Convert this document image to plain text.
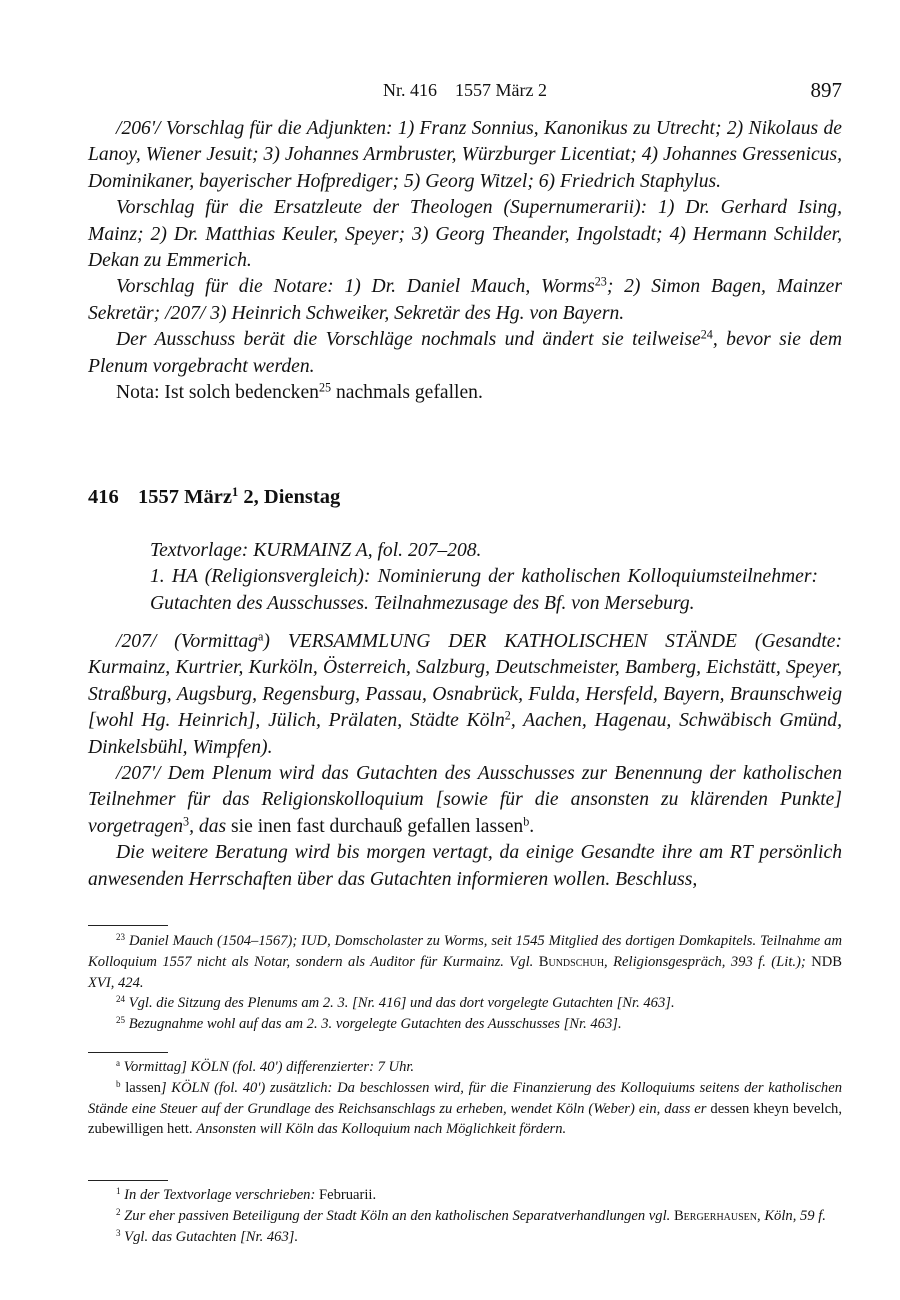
Nr. 416    1557 März 2	897

/206'/ Vorschlag für die Adjunkten: 1) Franz Sonnius, Kanonikus zu Utrecht; 2) Nikolaus de Lanoy, Wiener Jesuit; 3) Johannes Armbruster, Würzburger Licentiat; 4) Johannes Gressenicus, Dominikaner, bayerischer Hofprediger; 5) Georg Witzel; 6) Friedrich Staphylus.

Vorschlag für die Ersatzleute der Theologen (Supernumerarii): 1) Dr. Gerhard Ising, Mainz; 2) Dr. Matthias Keuler, Speyer; 3) Georg Theander, Ingolstadt; 4) Hermann Schilder, Dekan zu Emmerich.

Vorschlag für die Notare: 1) Dr. Daniel Mauch, Worms$^{23}$; 2) Simon Bagen, Mainzer Sekretär; /207/ 3) Heinrich Schweiker, Sekretär des Hg. von Bayern.

Der Ausschuss berät die Vorschläge nochmals und ändert sie teilweise$^{24}$, bevor sie dem Plenum vorgebracht werden.

Nota: Ist solch bedencken$^{25}$ nachmals gefallen.

416 1557 März$^1$ 2, Dienstag

Textvorlage: KURMAINZ A, fol. 207–208.

1. HA (Religionsvergleich): Nominierung der katholischen Kolloquiumsteilnehmer: Gutachten des Ausschusses. Teilnahmezusage des Bf. von Merseburg.

/207/ (Vormittag$^a$) VERSAMMLUNG DER KATHOLISCHEN STÄNDE (Gesandte: Kurmainz, Kurtrier, Kurköln, Österreich, Salzburg, Deutschmeister, Bamberg, Eichstätt, Speyer, Straßburg, Augsburg, Regensburg, Passau, Osnabrück, Fulda, Hersfeld, Bayern, Braunschweig [wohl Hg. Heinrich], Jülich, Prälaten, Städte Köln$^2$, Aachen, Hagenau, Schwäbisch Gmünd, Dinkelsbühl, Wimpfen).

/207'/ Dem Plenum wird das Gutachten des Ausschusses zur Benennung der katholischen Teilnehmer für das Religionskolloquium [sowie für die ansonsten zu klärenden Punkte] vorgetragen$^3$, das sie inen fast durchauß gefallen lassen$^b$.

Die weitere Beratung wird bis morgen vertagt, da einige Gesandte ihre am RT persönlich anwesenden Herrschaften über das Gutachten informieren wollen. Beschluss,

$^{23}$ Daniel Mauch (1504–1567); IUD, Domscholaster zu Worms, seit 1545 Mitglied des dortigen Domkapitels. Teilnahme am Kolloquium 1557 nicht als Notar, sondern als Auditor für Kurmainz. Vgl. Bundschuh, Religionsgespräch, 393 f. (Lit.); NDB XVI, 424.

$^{24}$ Vgl. die Sitzung des Plenums am 2. 3. [Nr. 416] und das dort vorgelegte Gutachten [Nr. 463].

$^{25}$ Bezugnahme wohl auf das am 2. 3. vorgelegte Gutachten des Ausschusses [Nr. 463].

$^a$ Vormittag] KÖLN (fol. 40') differenzierter: 7 Uhr.

$^b$ lassen] KÖLN (fol. 40') zusätzlich: Da beschlossen wird, für die Finanzierung des Kolloquiums seitens der katholischen Stände eine Steuer auf der Grundlage des Reichsanschlags zu erheben, wendet Köln (Weber) ein, dass er dessen kheyn bevelch, zubewilligen hett. Ansonsten will Köln das Kolloquium nach Möglichkeit fördern.

$^1$ In der Textvorlage verschrieben: Februarii.

$^2$ Zur eher passiven Beteiligung der Stadt Köln an den katholischen Separatverhandlungen vgl. Bergerhausen, Köln, 59 f.

$^3$ Vgl. das Gutachten [Nr. 463].
